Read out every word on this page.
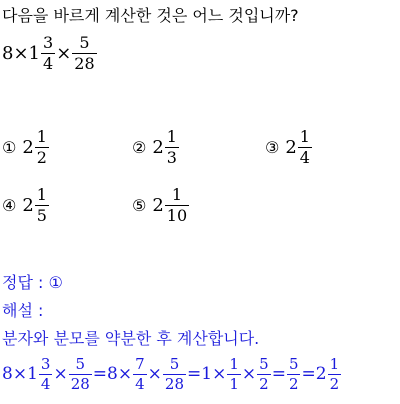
다음을 바르게 계산한 것은 어느 것입니까?
$8 \times 1 \frac{3}{4} \times \frac{5}{28}$
① $2 \frac{1}{2}$	② $2 \frac{1}{3}$	③ $2 \frac{1}{4}$
④ $2 \frac{1}{5}$	⑤ $2 \frac{1}{10}$
정답 : ①
해설 :
분자와 분모를 약분한 후 계산합니다.
$8 \times 1 \frac{3}{4} \times \frac{5}{28} = 8 \times \frac{7}{4} \times \frac{5}{28} = 1 \times \frac{1}{1} \times \frac{5}{2} = \frac{5}{2} = 2 \frac{1}{2}$
